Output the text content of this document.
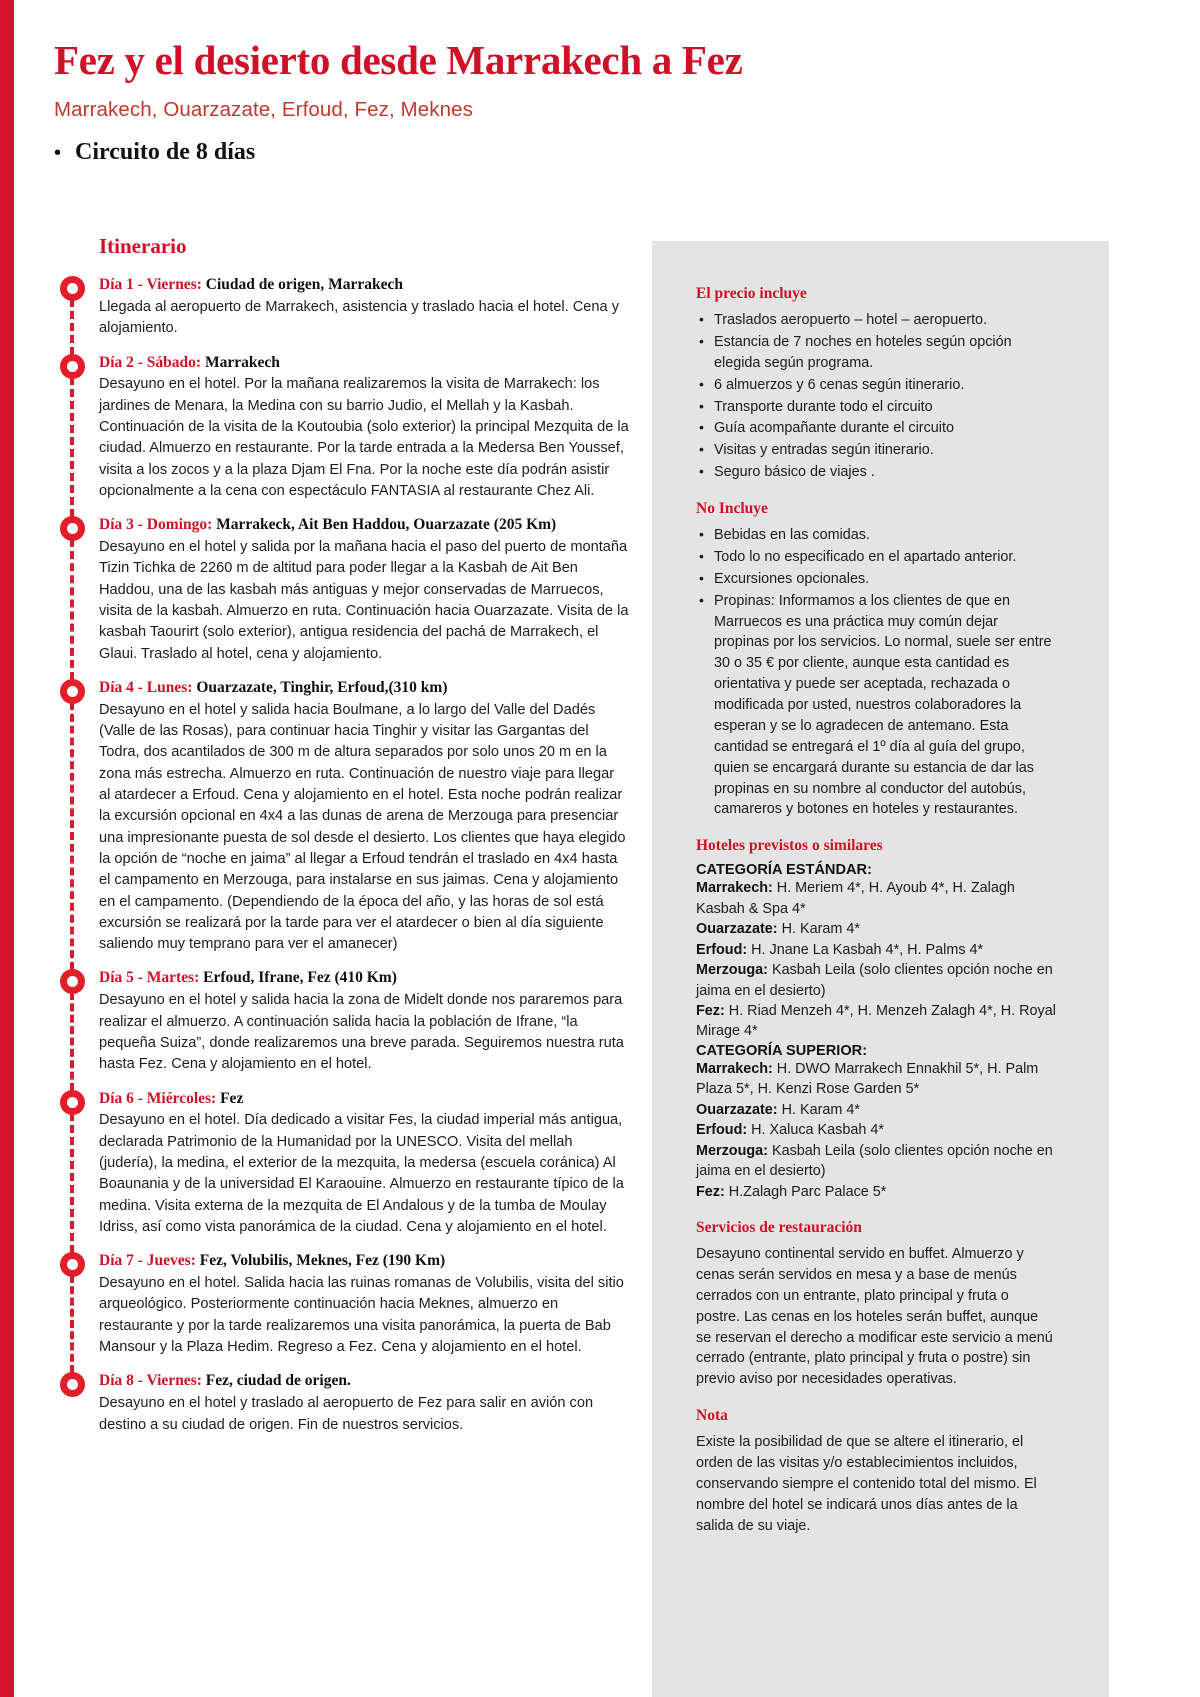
Fez y el desierto desde Marrakech a Fez

Marrakech, Ouarzazate, Erfoud, Fez, Meknes

• Circuito de 8 días
Itinerario

Día 1 - Viernes: Ciudad de origen, Marrakech

Llegada al aeropuerto de Marrakech, asistencia y traslado hacia el hotel. Cena y alojamiento.

Día 2 - Sábado: Marrakech

Desayuno en el hotel. Por la mañana realizaremos la visita de Marrakech: los jardines de Menara, la Medina con su barrio Judio, el Mellah y la Kasbah. Continuación de la visita de la Koutoubia (solo exterior) la principal Mezquita de la ciudad. Almuerzo en restaurante. Por la tarde entrada a la Medersa Ben Youssef, visita a los zocos y a la plaza Djam El Fna. Por la noche este día podrán asistir opcionalmente a la cena con espectáculo FANTASIA al restaurante Chez Ali.

Día 3 - Domingo: Marrakeck, Ait Ben Haddou, Ouarzazate (205 Km)

Desayuno en el hotel y salida por la mañana hacia el paso del puerto de montaña Tizin Tichka de 2260 m de altitud para poder llegar a la Kasbah de Ait Ben Haddou, una de las kasbah más antiguas y mejor conservadas de Marruecos, visita de la kasbah. Almuerzo en ruta. Continuación hacia Ouarzazate. Visita de la kasbah Taourirt (solo exterior), antigua residencia del pachá de Marrakech, el Glaui. Traslado al hotel, cena y alojamiento.

Día 4 - Lunes: Ouarzazate, Tinghir, Erfoud,(310 km)

Desayuno en el hotel y salida hacia Boulmane, a lo largo del Valle del Dadés (Valle de las Rosas), para continuar hacia Tinghir y visitar las Gargantas del Todra, dos acantilados de 300 m de altura separados por solo unos 20 m en la zona más estrecha. Almuerzo en ruta. Continuación de nuestro viaje para llegar al atardecer a Erfoud. Cena y alojamiento en el hotel. Esta noche podrán realizar la excursión opcional en 4x4 a las dunas de arena de Merzouga para presenciar una impresionante puesta de sol desde el desierto. Los clientes que haya elegido la opción de “noche en jaima” al llegar a Erfoud tendrán el traslado en 4x4 hasta el campamento en Merzouga, para instalarse en sus jaimas. Cena y alojamiento en el campamento. (Dependiendo de la época del año, y las horas de sol está excursión se realizará por la tarde para ver el atardecer o bien al día siguiente saliendo muy temprano para ver el amanecer)

Día 5 - Martes: Erfoud, Ifrane, Fez (410 Km)

Desayuno en el hotel y salida hacia la zona de Midelt donde nos pararemos para realizar el almuerzo. A continuación salida hacia la población de Ifrane, “la pequeña Suiza”, donde realizaremos una breve parada. Seguiremos nuestra ruta hasta Fez. Cena y alojamiento en el hotel.

Día 6 - Miércoles: Fez

Desayuno en el hotel. Día dedicado a visitar Fes, la ciudad imperial más antigua, declarada Patrimonio de la Humanidad por la UNESCO. Visita del mellah (judería), la medina, el exterior de la mezquita, la medersa (escuela coránica) Al Boaunania y de la universidad El Karaouine. Almuerzo en restaurante típico de la medina. Visita externa de la mezquita de El Andalous y de la tumba de Moulay Idriss, así como vista panorámica de la ciudad. Cena y alojamiento en el hotel.

Día 7 - Jueves: Fez, Volubilis, Meknes, Fez (190 Km)

Desayuno en el hotel. Salida hacia las ruinas romanas de Volubilis, visita del sitio arqueológico. Posteriormente continuación hacia Meknes, almuerzo en restaurante y por la tarde realizaremos una visita panorámica, la puerta de Bab Mansour y la Plaza Hedim. Regreso a Fez. Cena y alojamiento en el hotel.

Día 8 - Viernes: Fez, ciudad de origen.

Desayuno en el hotel y traslado al aeropuerto de Fez para salir en avión con destino a su ciudad de origen. Fin de nuestros servicios.

El precio incluye
• Traslados aeropuerto – hotel – aeropuerto.
• Estancia de 7 noches en hoteles según opción elegida según programa.
• 6 almuerzos y 6 cenas según itinerario.
• Transporte durante todo el circuito
• Guía acompañante durante el circuito
• Visitas y entradas según itinerario.
• Seguro básico de viajes .
No Incluye
• Bebidas en las comidas.
• Todo lo no especificado en el apartado anterior.
• Excursiones opcionales.
• Propinas: Informamos a los clientes de que en Marruecos es una práctica muy común dejar propinas por los servicios. Lo normal, suele ser entre 30 o 35 € por cliente, aunque esta cantidad es orientativa y puede ser aceptada, rechazada o modificada por usted, nuestros colaboradores la esperan y se lo agradecen de antemano. Esta cantidad se entregará el 1º día al guía del grupo, quien se encargará durante su estancia de dar las propinas en su nombre al conductor del autobús, camareros y botones en hoteles y restaurantes.
Hoteles previstos o similares

CATEGORÍA ESTÁNDAR:

Marrakech: H. Meriem 4*, H. Ayoub 4*, H. Zalagh Kasbah & Spa 4*

Ouarzazate: H. Karam 4*

Erfoud: H. Jnane La Kasbah 4*, H. Palms 4*

Merzouga: Kasbah Leila (solo clientes opción noche en jaima en el desierto)

Fez: H. Riad Menzeh 4*, H. Menzeh Zalagh 4*, H. Royal Mirage 4*

CATEGORÍA SUPERIOR:

Marrakech: H. DWO Marrakech Ennakhil 5*, H. Palm Plaza 5*, H. Kenzi Rose Garden 5*

Ouarzazate: H. Karam 4*

Erfoud: H. Xaluca Kasbah 4*

Merzouga: Kasbah Leila (solo clientes opción noche en jaima en el desierto)

Fez: H.Zalagh Parc Palace 5*

Servicios de restauración

Desayuno continental servido en buffet. Almuerzo y cenas serán servidos en mesa y a base de menús cerrados con un entrante, plato principal y fruta o postre. Las cenas en los hoteles serán buffet, aunque se reservan el derecho a modificar este servicio a menú cerrado (entrante, plato principal y fruta o postre) sin previo aviso por necesidades operativas.

Nota

Existe la posibilidad de que se altere el itinerario, el orden de las visitas y/o establecimientos incluidos, conservando siempre el contenido total del mismo. El nombre del hotel se indicará unos días antes de la salida de su viaje.
